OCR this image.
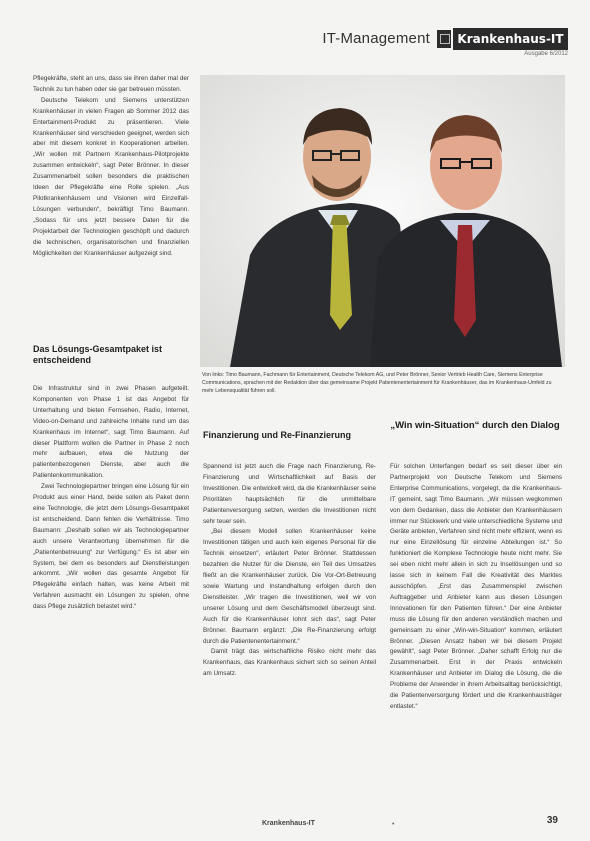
IT-Management	Krankenhaus-IT
Ausgabe 6/2012

Pflegekräfte, steht an uns, dass sie ihren daher mal der Technik zu tun haben oder sie gar betreuen müssten.

Deutsche Telekom und Siemens unterstützen Krankenhäuser in vielen Fragen ab Sommer 2012 das Entertainment-Produkt zu präsentieren. Viele Krankenhäuser sind verschieden geeignet, werden sich aber mit diesem konkret in Kooperationen arbeiten. „Wir wollen mit Partnern Krankenhaus-Pilotprojekte zusammen entwickeln“, sagt Peter Brönner. In dieser Zusammenarbeit sollen besonders die praktischen Ideen der Pflegekräfte eine Rolle spielen. „Aus Pilotkrankenhäusern und Visionen wird Einzelfall-Lösungen verbunden“, bekräftigt Timo Baumann. „Sodass für uns jetzt bessere Daten für die Projektarbeit der Technologien geschöpft und dadurch die technischen, organisatorischen und finanziellen Möglichkeiten der Krankenhäuser aufgezeigt sind.

Das Lösungs-Gesamtpaket ist entscheidend

Die Infrastruktur sind in zwei Phasen aufgeteilt. Komponenten von Phase 1 ist das Angebot für Unterhaltung und bieten Fernsehen, Radio, Internet, Video-on-Demand und zahlreiche Inhalte rund um das Krankenhaus im Internet“, sagt Timo Baumann. Auf dieser Plattform wollen die Partner in Phase 2 noch mehr aufbauen, etwa die Nutzung der patientenbezogenen Dienste, aber auch die Patientenkommunikation.

Zwei Technologiepartner bringen eine Lösung für ein Produkt aus einer Hand, beide sollen als Paket denn eine Technologie, die jetzt dem Lösungs-Gesamtpaket ist entscheidend. Dann fehlen die Verhältnisse. Timo Baumann: „Deshalb sollen wir als Technologiepartner auch unsere Verantwortung übernehmen für die „Patientenbetreuung“ zur Verfügung.“ Es ist aber ein System, bei dem es besonders auf Dienstleistungen ankommt. „Wir wollen das gesamte Angebot für Pflegekräfte einfach halten, was keine Arbeit mit Verfahren ausmacht ein Lösungen zu spielen, ohne dass Pflege zusätzlich belastet wird.“

Von links: Timo Baumann, Fachmann für Entertainment, Deutsche Telekom AG, und Peter Brönner, Senior Vertrieb Health Care, Siemens Enterprise Communications, sprachen mit der Redaktion über das gemeinsame Projekt Patientenentertainment für Krankenhäuser, das im Krankenhaus-Umfeld zu mehr Lebensqualität führen soll.

Finanzierung und Re-Finanzierung

„Win win-Situation“ durch den Dialog

Spannend ist jetzt auch die Frage nach Finanzierung, Re-Finanzierung und Wirtschaftlichkeit auf Basis der Investitionen. Die entwickelt wird, da die Krankenhäuser seine Prioritäten hauptsächlich für die unmittelbare Patientenversorgung setzen, werden die Investitionen nicht sehr teuer sein.

„Bei diesem Modell sollen Krankenhäuser keine Investitionen tätigen und auch kein eigenes Personal für die Technik einsetzen“, erläutert Peter Brönner. Stattdessen bezahlen die Nutzer für die Dienste, ein Teil des Umsatzes fließt an die Krankenhäuser zurück. Die Vor-Ort-Betreuung sowie Wartung und Instandhaltung erfolgen durch den Dienstleister. „Wir tragen die Investitionen, weil wir von unserer Lösung und dem Geschäftsmodell überzeugt sind. Auch für die Krankenhäuser lohnt sich das“, sagt Peter Brönner. Baumann ergänzt: „Die Re-Finanzierung erfolgt durch die Patientenentertainment.“

Damit trägt das wirtschaftliche Risiko nicht mehr das Krankenhaus, das Krankenhaus sichert sich so seinen Anteil am Umsatz.

Für solchen Unterfangen bedarf es seit dieser über ein Partnerprojekt von Deutsche Telekom und Siemens Enterprise Communications, vorgelegt, da die Krankenhaus-IT gemeint, sagt Timo Baumann. „Wir müssen wegkommen von dem Gedanken, dass die Anbieter den Krankenhäusern immer nur Stückwerk und viele unterschiedliche Systeme und Geräte anbieten, Verfahren sind nicht mehr effizient, wenn es nur eine Einzellösung für einzelne Abteilungen ist.“ So funktioniert die Komplexe Technologie heute nicht mehr. Sie sei eben nicht mehr allein in sich zu Insellösungen und so lasse sich in keinem Fall die Kreativität des Marktes ausschöpfen. „Erst das Zusammenspiel zwischen Auftraggeber und Anbieter kann aus diesen Lösungen Innovationen für den Patienten führen.“ Der eine Anbieter muss die Lösung für den anderen verständlich machen und gemeinsam zu einer „Win-win-Situation“ kommen, erläutert Brönner. „Diesen Ansatz haben wir bei diesem Projekt gewählt“, sagt Peter Brönner. „Daher schafft Erfolg nur die Zusammenarbeit. Erst in der Praxis entwickeln Krankenhäuser und Anbieter im Dialog die Lösung, die die Probleme der Anwender in ihrem Arbeitsalltag berücksichtigt, die Patientenversorgung fördert und die Krankenhausträger entlastet.“

Krankenhaus-IT	•	39
